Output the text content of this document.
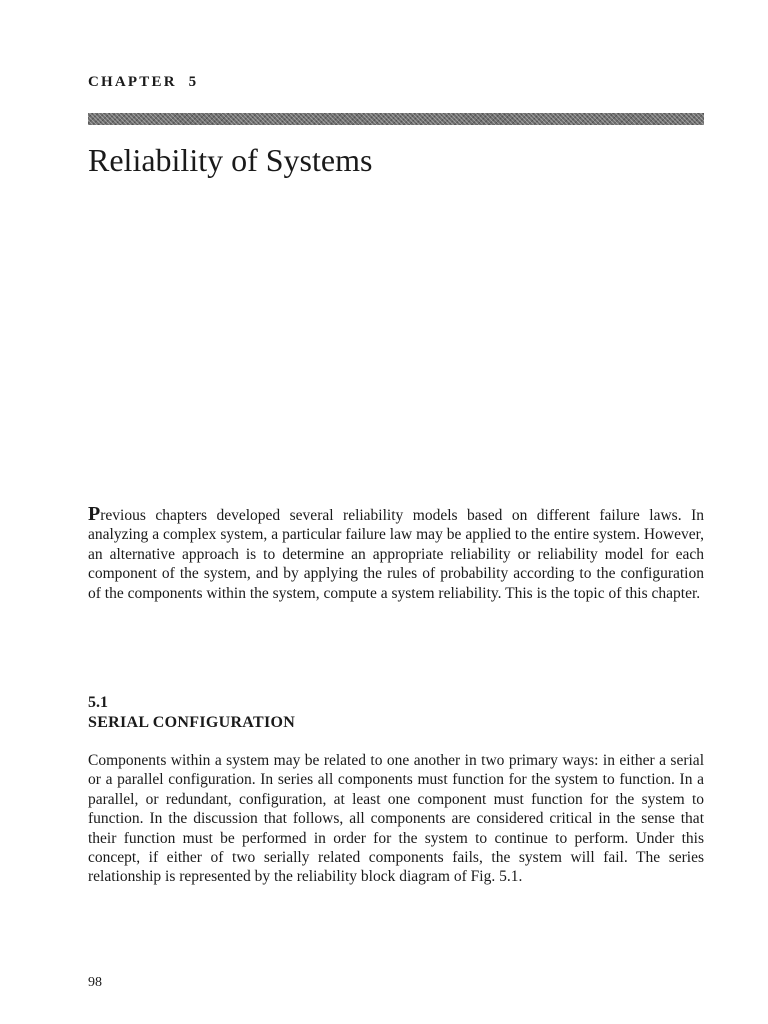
CHAPTER  5
Reliability of Systems

Previous chapters developed several reliability models based on different failure laws. In analyzing a complex system, a particular failure law may be applied to the entire system. However, an alternative approach is to determine an appropriate reliability or reliability model for each component of the system, and by applying the rules of probability according to the configuration of the components within the system, compute a system reliability. This is the topic of this chapter.

5.1
SERIAL CONFIGURATION

Components within a system may be related to one another in two primary ways: in either a serial or a parallel configuration. In series all components must function for the system to function. In a parallel, or redundant, configuration, at least one component must function for the system to function. In the discussion that follows, all components are considered critical in the sense that their function must be performed in order for the system to continue to perform. Under this concept, if either of two serially related components fails, the system will fail. The series relationship is represented by the reliability block diagram of Fig. 5.1.

98
